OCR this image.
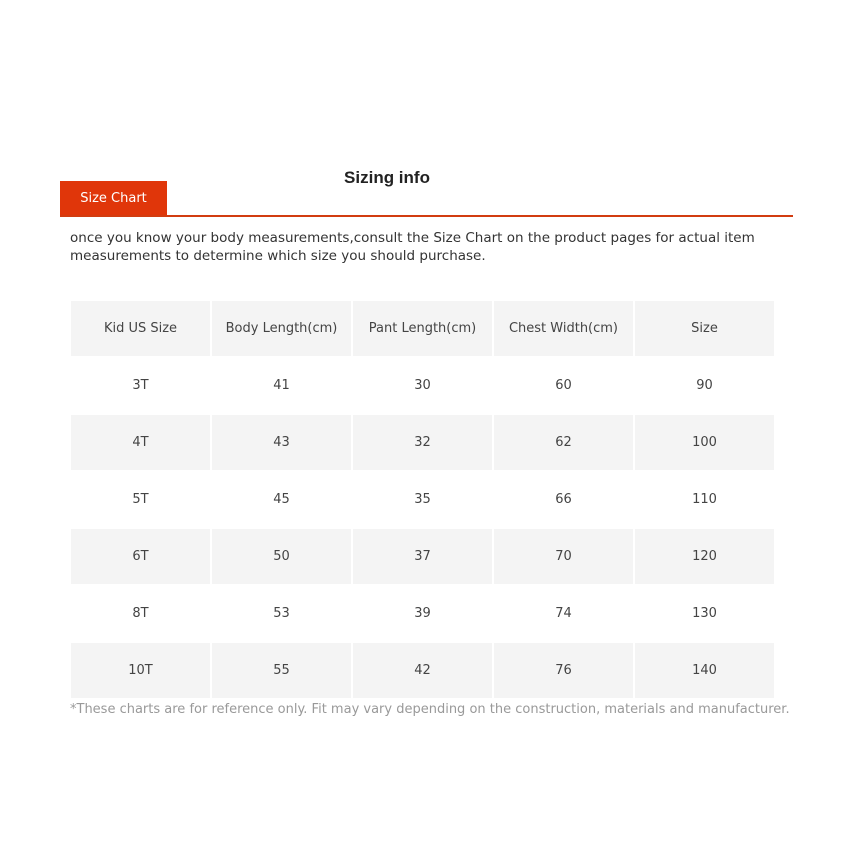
Sizing info
Size Chart
once you know your body measurements,consult the Size Chart on the product pages for actual item measurements to determine which size you should purchase.
Kid US Size	Body Length(cm)	Pant Length(cm)	Chest Width(cm)	Size
3T	41	30	60	90
4T	43	32	62	100
5T	45	35	66	110
6T	50	37	70	120
8T	53	39	74	130
10T	55	42	76	140
*These charts are for reference only. Fit may vary depending on the construction, materials and manufacturer.
